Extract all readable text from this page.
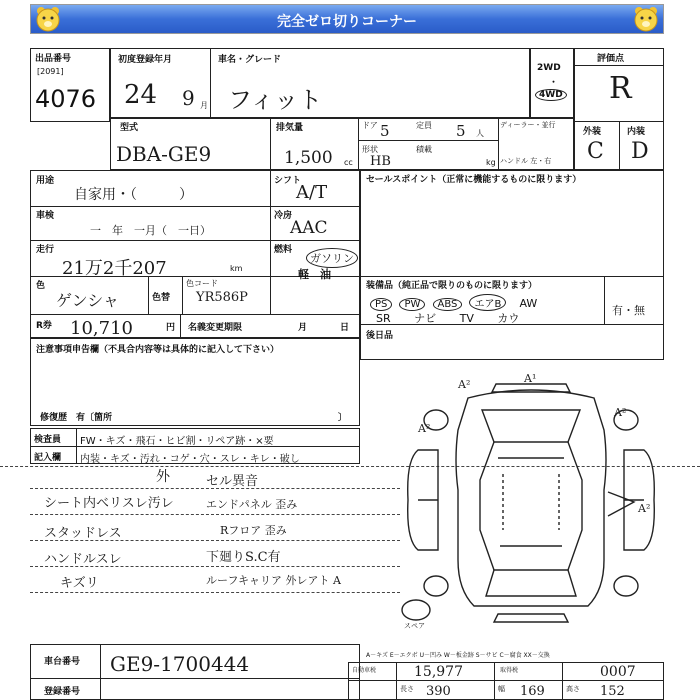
完全ゼロ切りコーナー
出品番号
[2091]
4076
初度登録年月
24 9 月
車名・グレード
フィット
2WD
・
4WD
評価点
R
外装	内装
C D
型式
DBA-GE9
排気量
1,500 cc
ドア 5	定員 5 人
形状
HB
積載
kg
ディーラー・並行
ハンドル 左・右
用途
自家用・（　　　）
シフト
A/T
車検
一　年　一月（　一日）
冷房
AAC
走行
21万2千207	km
燃料
ガソリン
軽　油
色
ゲンシャ	色替
色コード
YR586P
R券 10,710	円 名義変更期限	月	日
セールスポイント（正常に機能するものに限ります）
装備品（純正品で限りのものに限ります）
PS PW ABS エアB AW
SR ナビ TV カウ
有・無
後日品
注意事項申告欄（不具合内容等は具体的に記入して下さい）
修復歴　有〔箇所	〕
検査員
記入欄
FW・キズ・飛石・ヒビ割・リペア跡・×要
内装・キズ・汚れ・コゲ・穴・スレ・キレ・破し
外
シート内ベリスレ汚レ
スタッドレス
ハンドルスレ
キズリ
セル異音
エンドパネル 歪み
Rフロア 歪み
下廻りS.C有
ルーフキャリア 外レアト A
A²	A¹
A²
A²
A²
スペア
A－キズ E－エクボ U－凹み W－板金跡 S－サビ C－腐食 XX－交換
車台番号 GE9-1700444
登録番号
自動車税	15,977	取得税	0007
長さ 390	幅 169	高さ 152
